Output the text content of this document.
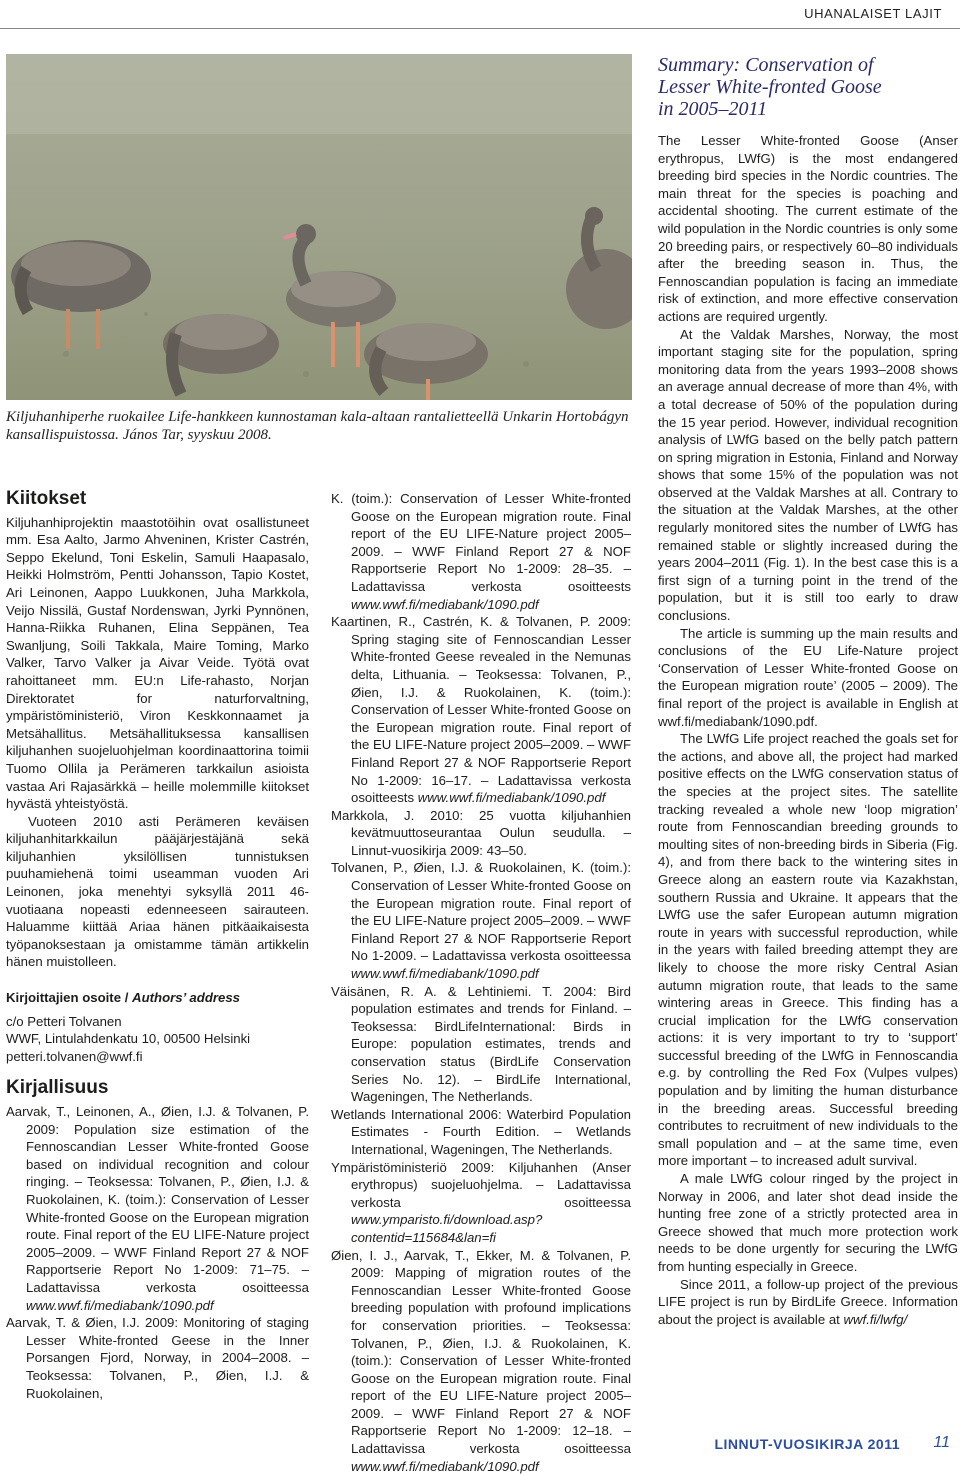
UHANALAISET LAJIT
Kiljuhanhiperhe ruokailee Life-hankkeen kunnostaman kala-altaan rantalietteellä Unkarin Hortobágyn kansallispuistossa. János Tar, syyskuu 2008.
Kiitokset

Kiljuhanhiprojektin maastotöihin ovat osallistuneet mm. Esa Aalto, Jarmo Ahveninen, Krister Castrén, Seppo Ekelund, Toni Eskelin, Samuli Haapasalo, Heikki Holmström, Pentti Johansson, Tapio Kostet, Ari Leinonen, Aappo Luukkonen, Juha Markkola, Veijo Nissilä, Gustaf Nordenswan, Jyrki Pynnönen, Hanna-Riikka Ruhanen, Elina Seppänen, Tea Swanljung, Soili Takkala, Maire Toming, Marko Valker, Tarvo Valker ja Aivar Veide. Työtä ovat rahoittaneet mm. EU:n Life-rahasto, Norjan Direktoratet for naturforvaltning, ympäristöministeriö, Viron Keskkonnaamet ja Metsähallitus. Metsähallituksessa kansallisen kiljuhanhen suojeluohjelman koordinaattorina toimii Tuomo Ollila ja Perämeren tarkkailun asioista vastaa Ari Rajasärkkä – heille molemmille kiitokset hyvästä yhteistyöstä.

Vuoteen 2010 asti Perämeren keväisen kiljuhanhitarkkailun pääjärjestäjänä sekä kiljuhanhien yksilöllisen tunnistuksen puuhamiehenä toimi useamman vuoden Ari Leinonen, joka menehtyi syksyllä 2011 46-vuotiaana nopeasti edenneeseen sairauteen. Haluamme kiittää Ariaa hänen pitkäaikaisesta työpanoksestaan ja omistamme tämän artikkelin hänen muistolleen.

Kirjoittajien osoite / Authors’ address
c/o Petteri Tolvanen
WWF, Lintulahdenkatu 10, 00500 Helsinki
petteri.tolvanen@wwf.fi
Kirjallisuus

Aarvak, T., Leinonen, A., Øien, I.J. & Tolvanen, P. 2009: Population size estimation of the Fennoscandian Lesser White-fronted Goose based on individual recognition and colour ringing. – Teoksessa: Tolvanen, P., Øien, I.J. & Ruokolainen, K. (toim.): Conservation of Lesser White-fronted Goose on the European migration route. Final report of the EU LIFE-Nature project 2005–2009. – WWF Finland Report 27 & NOF Rapportserie Report No 1-2009: 71–75. – Ladattavissa verkosta osoitteessa www.wwf.fi/mediabank/1090.pdf

Aarvak, T. & Øien, I.J. 2009: Monitoring of staging Lesser White-fronted Geese in the Inner Porsangen Fjord, Norway, in 2004–2008. – Teoksessa: Tolvanen, P., Øien, I.J. & Ruokolainen,

K. (toim.): Conservation of Lesser White-fronted Goose on the European migration route. Final report of the EU LIFE-Nature project 2005–2009. – WWF Finland Report 27 & NOF Rapportserie Report No 1-2009: 28–35. – Ladattavissa verkosta osoitteests www.wwf.fi/mediabank/1090.pdf

Kaartinen, R., Castrén, K. & Tolvanen, P. 2009: Spring staging site of Fennoscandian Lesser White-fronted Geese revealed in the Nemunas delta, Lithuania. – Teoksessa: Tolvanen, P., Øien, I.J. & Ruokolainen, K. (toim.): Conservation of Lesser White-fronted Goose on the European migration route. Final report of the EU LIFE-Nature project 2005–2009. – WWF Finland Report 27 & NOF Rapportserie Report No 1-2009: 16–17. – Ladattavissa verkosta osoitteests www.wwf.fi/mediabank/1090.pdf

Markkola, J. 2010: 25 vuotta kiljuhanhien kevätmuuttoseurantaa Oulun seudulla. – Linnut-vuosikirja 2009: 43–50.

Tolvanen, P., Øien, I.J. & Ruokolainen, K. (toim.): Conservation of Lesser White-fronted Goose on the European migration route. Final report of the EU LIFE-Nature project 2005–2009. – WWF Finland Report 27 & NOF Rapportserie Report No 1-2009. – Ladattavissa verkosta osoitteessa www.wwf.fi/mediabank/1090.pdf

Väisänen, R. A. & Lehtiniemi. T. 2004: Bird population estimates and trends for Finland. – Teoksessa: BirdLifeInternational: Birds in Europe: population estimates, trends and conservation status (BirdLife Conservation Series No. 12). – BirdLife International, Wageningen, The Netherlands.

Wetlands International 2006: Waterbird Population Estimates - Fourth Edition. – Wetlands International, Wageningen, The Netherlands.

Ympäristöministeriö 2009: Kiljuhanhen (Anser erythropus) suojeluohjelma. – Ladattavissa verkosta osoitteessa www.ymparisto.fi/download.asp?contentid=115684&lan=fi

Øien, I. J., Aarvak, T., Ekker, M. & Tolvanen, P. 2009: Mapping of migration routes of the Fennoscandian Lesser White-fronted Goose breeding population with profound implications for conservation priorities. – Teoksessa: Tolvanen, P., Øien, I.J. & Ruokolainen, K. (toim.): Conservation of Lesser White-fronted Goose on the European migration route. Final report of the EU LIFE-Nature project 2005–2009. – WWF Finland Report 27 & NOF Rapportserie Report No 1-2009: 12–18. – Ladattavissa verkosta osoitteessa www.wwf.fi/mediabank/1090.pdf

Summary: Conservation of
Lesser White-fronted Goose
in 2005–2011

The Lesser White-fronted Goose (Anser erythropus, LWfG) is the most endangered breeding bird species in the Nordic countries. The main threat for the species is poaching and accidental shooting. The current estimate of the wild population in the Nordic countries is only some 20 breeding pairs, or respectively 60–80 individuals after the breeding season in. Thus, the Fennoscandian population is facing an immediate risk of extinction, and more effective conservation actions are required urgently.

At the Valdak Marshes, Norway, the most important staging site for the population, spring monitoring data from the years 1993–2008 shows an average annual decrease of more than 4%, with a total decrease of 50% of the population during the 15 year period. However, individual recognition analysis of LWfG based on the belly patch pattern on spring migration in Estonia, Finland and Norway shows that some 15% of the population was not observed at the Valdak Marshes at all. Contrary to the situation at the Valdak Marshes, at the other regularly monitored sites the number of LWfG has remained stable or slightly increased during the years 2004–2011 (Fig. 1). In the best case this is a first sign of a turning point in the trend of the population, but it is still too early to draw conclusions.

The article is summing up the main results and conclusions of the EU Life-Nature project ‘Conservation of Lesser White-fronted Goose on the European migration route’ (2005 – 2009). The final report of the project is available in English at wwf.fi/mediabank/1090.pdf.

The LWfG Life project reached the goals set for the actions, and above all, the project had marked positive effects on the LWfG conservation status of the species at the project sites. The satellite tracking revealed a whole new ‘loop migration’ route from Fennoscandian breeding grounds to moulting sites of non-breeding birds in Siberia (Fig. 4), and from there back to the wintering sites in Greece along an eastern route via Kazakhstan, southern Russia and Ukraine. It appears that the LWfG use the safer European autumn migration route in years with successful reproduction, while in the years with failed breeding attempt they are likely to choose the more risky Central Asian autumn migration route, that leads to the same wintering areas in Greece. This finding has a crucial implication for the LWfG conservation actions: it is very important to try to ‘support’ successful breeding of the LWfG in Fennoscandia e.g. by controlling the Red Fox (Vulpes vulpes) population and by limiting the human disturbance in the breeding areas. Successful breeding contributes to recruitment of new individuals to the small population and – at the same time, even more important – to increased adult survival.

A male LWfG colour ringed by the project in Norway in 2006, and later shot dead inside the hunting free zone of a strictly protected area in Greece showed that much more protection work needs to be done urgently for securing the LWfG from hunting especially in Greece.

Since 2011, a follow-up project of the previous LIFE project is run by BirdLife Greece. Information about the project is available at wwf.fi/lwfg/

LINNUT-VUOSIKIRJA 2011 11
